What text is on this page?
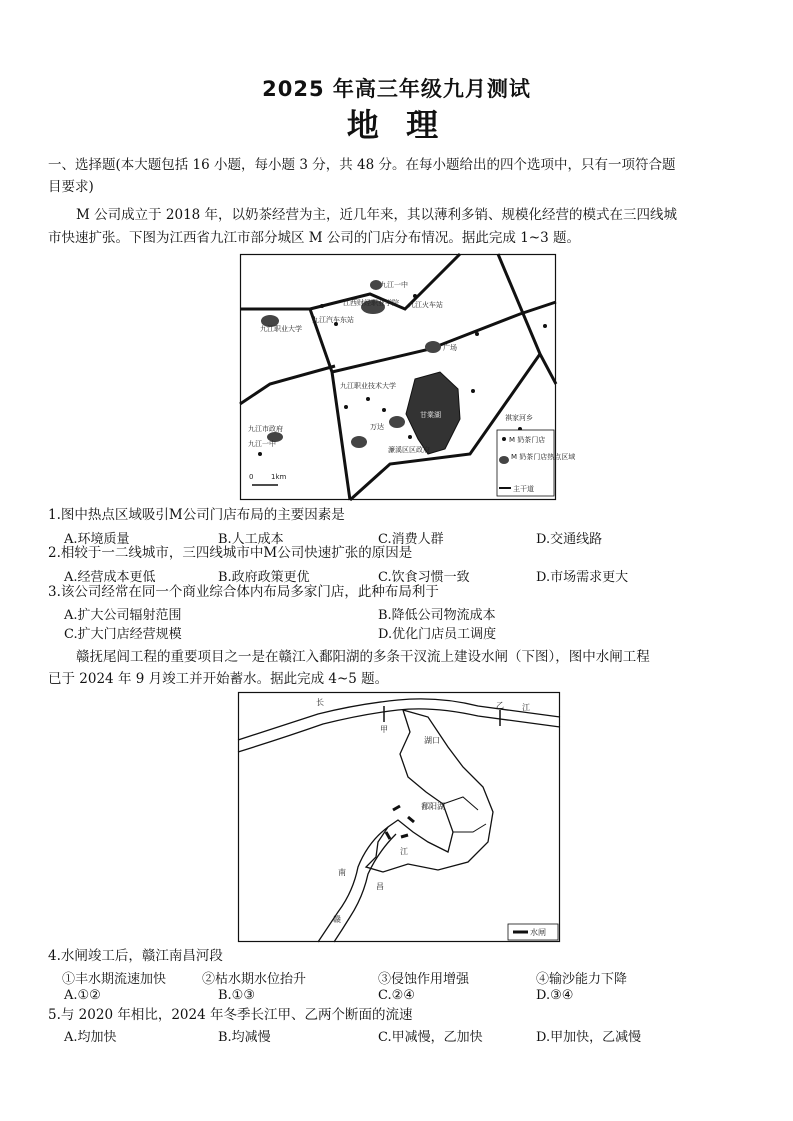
2025 年高三年级九月测试
地 理
一、选择题(本大题包括 16 小题，每小题 3 分，共 48 分。在每小题给出的四个选项中，只有一项符合题
目要求)
M 公司成立于 2018 年，以奶茶经营为主，近几年来，其以薄利多销、规模化经营的模式在三四线城
市快速扩张。下图为江西省九江市部分城区 M 公司的门店分布情况。据此完成 1~3 题。
九江一中
九江职业大学
九江汽车东站
江西财经职业学院 九江火车站
广场
九江职业技术大学
甘棠湖	祺家河乡
九江市政府	万达
濂溪区区政府
九江一中
0	1km
M 奶茶门店
M 奶茶门店热点区域
主干道
1.图中热点区域吸引M公司门店布局的主要因素是
A.环境质量	B.人工成本	C.消费人群	D.交通线路
2.相较于一二线城市，三四线城市中M公司快速扩张的原因是
A.经营成本更低	B.政府政策更优	C.饮食习惯一致	D.市场需求更大
3.该公司经常在同一个商业综合体内布局多家门店，此种布局利于
A.扩大公司辐射范围	B.降低公司物流成本
C.扩大门店经营规模	D.优化门店员工调度
赣抚尾闾工程的重要项目之一是在赣江入鄱阳湖的多条干汊流上建设水闸（下图），图中水闸工程
已于 2024 年 9 月竣工并开始蓄水。据此完成 4~5 题。
长
江
甲
乙
湖口
鄱阳湖
南
昌
赣
江
水闸
4.水闸竣工后，赣江南昌河段
①丰水期流速加快	②枯水期水位抬升	③侵蚀作用增强	④输沙能力下降
A.①②	B.①③	C.②④	D.③④
5.与 2020 年相比，2024 年冬季长江甲、乙两个断面的流速
A.均加快	B.均减慢	C.甲减慢，乙加快	D.甲加快，乙减慢
